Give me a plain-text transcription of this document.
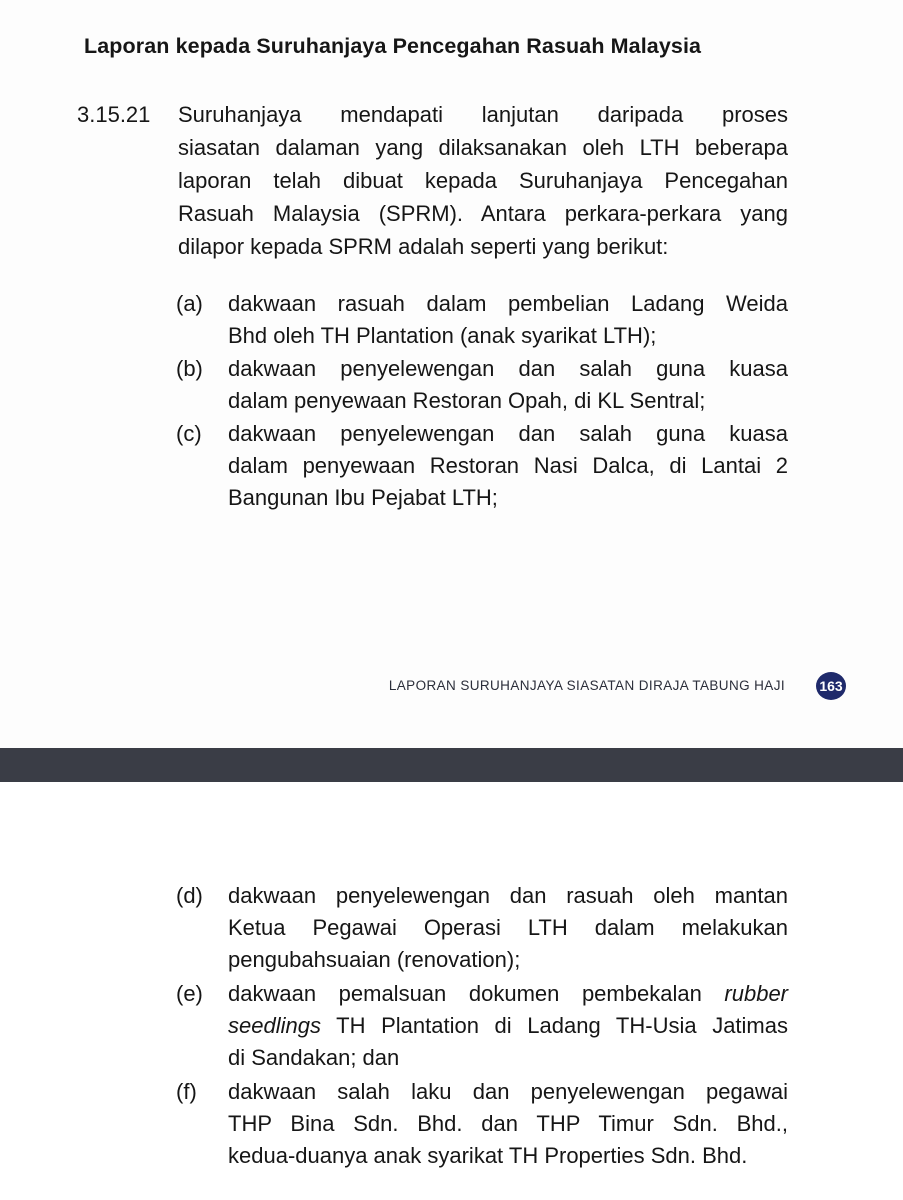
Laporan kepada Suruhanjaya Pencegahan Rasuah Malaysia
3.15.21 Suruhanjaya mendapati lanjutan daripada proses
siasatan dalaman yang dilaksanakan oleh LTH beberapa
laporan telah dibuat kepada Suruhanjaya Pencegahan
Rasuah Malaysia (SPRM). Antara perkara-perkara yang
dilapor kepada SPRM adalah seperti yang berikut:
(a)	dakwaan rasuah dalam pembelian Ladang Weida
Bhd oleh TH Plantation (anak syarikat LTH);
(b)	dakwaan penyelewengan dan salah guna kuasa
dalam penyewaan Restoran Opah, di KL Sentral;
(c)	dakwaan penyelewengan dan salah guna kuasa
dalam penyewaan Restoran Nasi Dalca, di Lantai 2
Bangunan Ibu Pejabat LTH;
LAPORAN SURUHANJAYA SIASATAN DIRAJA TABUNG HAJI 163
(d)	dakwaan penyelewengan dan rasuah oleh mantan
Ketua Pegawai Operasi LTH dalam melakukan
pengubahsuaian (renovation);
(e)	dakwaan pemalsuan dokumen pembekalan rubber
seedlings TH Plantation di Ladang TH-Usia Jatimas
di Sandakan; dan
(f)	dakwaan salah laku dan penyelewengan pegawai
THP Bina Sdn. Bhd. dan THP Timur Sdn. Bhd.,
kedua-duanya anak syarikat TH Properties Sdn. Bhd.
